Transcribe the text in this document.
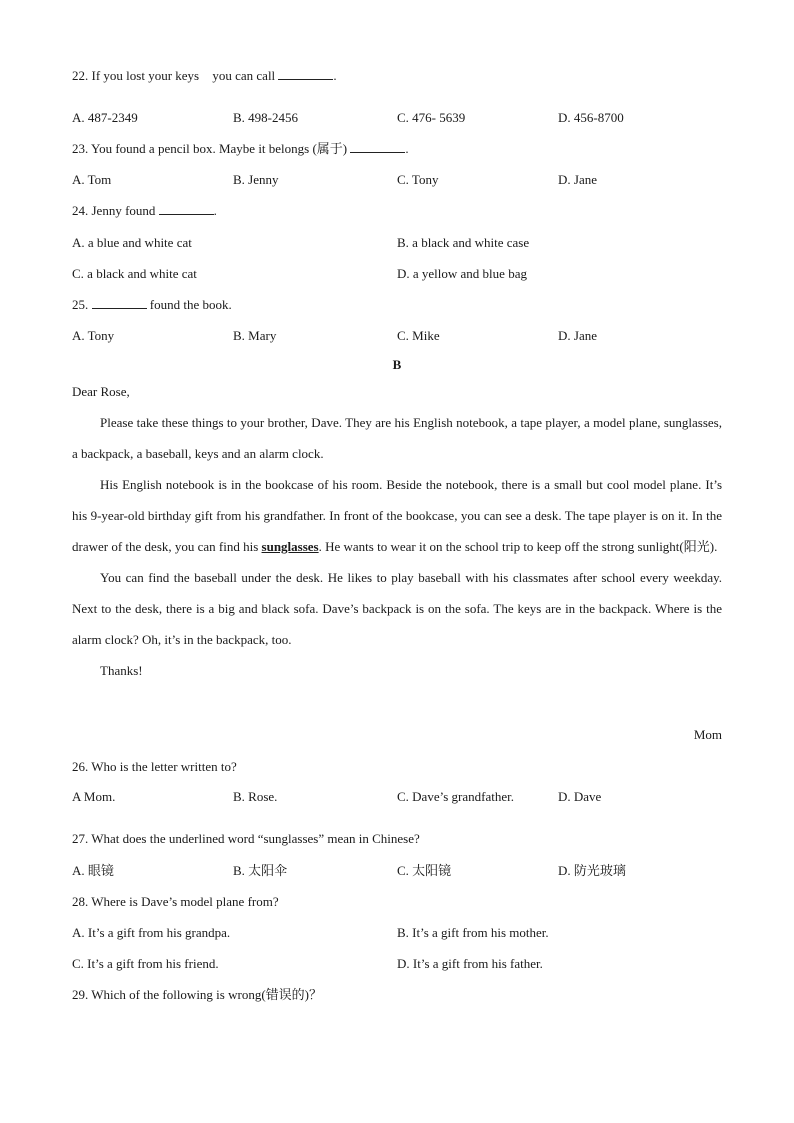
22. If you lost your keys you can call	.
A. 487-2349	B. 498-2456	C. 476- 5639	D. 456-8700
23. You found a pencil box. Maybe it belongs (属于)	.
A. Tom	B. Jenny	C. Tony	D. Jane
24. Jenny found	.
A. a blue and white cat	B. a black and white case
C. a black and white cat	D. a yellow and blue bag
25.	found the book.
A. Tony	B. Mary	C. Mike	D. Jane
B
Dear Rose,

Please take these things to your brother, Dave. They are his English notebook, a tape player, a model plane, sunglasses, a backpack, a baseball, keys and an alarm clock.

His English notebook is in the bookcase of his room. Beside the notebook, there is a small but cool model plane. It’s his 9-year-old birthday gift from his grandfather. In front of the bookcase, you can see a desk. The tape player is on it. In the drawer of the desk, you can find his sunglasses. He wants to wear it on the school trip to keep off the strong sunlight(阳光).

You can find the baseball under the desk. He likes to play baseball with his classmates after school every weekday. Next to the desk, there is a big and black sofa. Dave’s backpack is on the sofa. The keys are in the backpack. Where is the alarm clock? Oh, it’s in the backpack, too.

Thanks!

Mom
26. Who is the letter written to?
A Mom.	B. Rose.	C. Dave’s grandfather.	D. Dave
27. What does the underlined word “sunglasses” mean in Chinese?
A. 眼镜	B. 太阳伞	C. 太阳镜	D. 防光玻璃
28. Where is Dave’s model plane from?
A. It’s a gift from his grandpa.	B. It’s a gift from his mother.
C. It’s a gift from his friend.	D. It’s a gift from his father.
29. Which of the following is wrong(错误的)？
